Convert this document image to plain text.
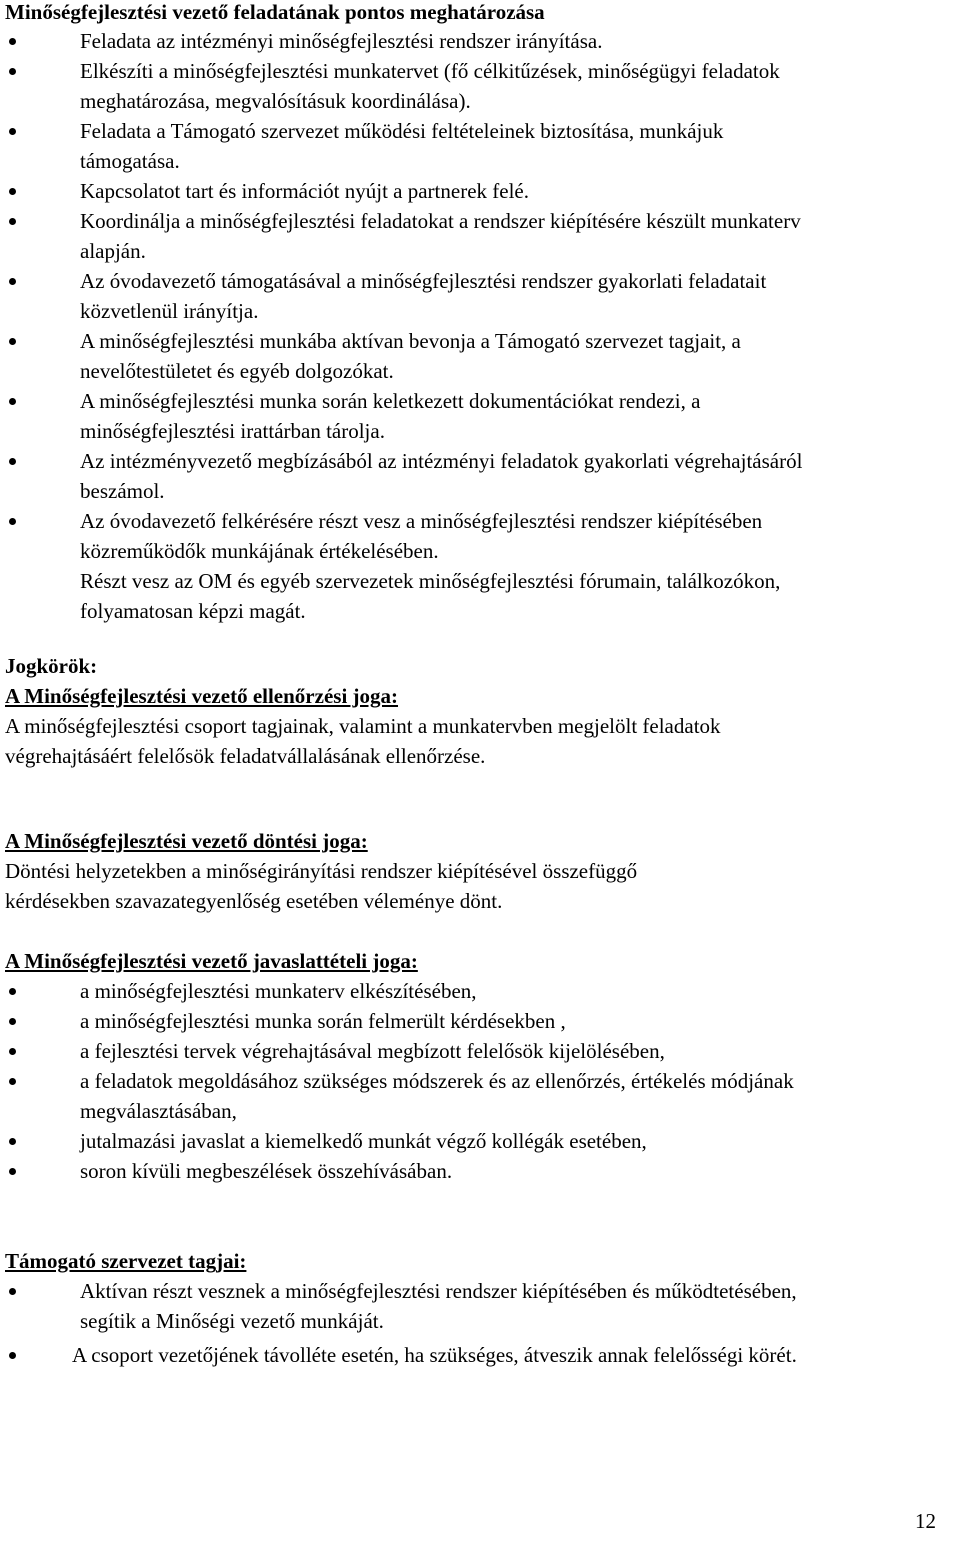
Minőségfejlesztési vezető feladatának pontos meghatározása
Feladata az intézményi minőségfejlesztési rendszer irányítása.
Elkészíti a minőségfejlesztési munkatervet (fő célkitűzések, minőségügyi feladatok
meghatározása, megvalósításuk koordinálása).
Feladata a Támogató szervezet működési feltételeinek biztosítása, munkájuk
támogatása.
Kapcsolatot tart és információt nyújt a partnerek felé.
Koordinálja a minőségfejlesztési feladatokat a rendszer kiépítésére készült munkaterv
alapján.
Az óvodavezető támogatásával a minőségfejlesztési rendszer gyakorlati feladatait
közvetlenül irányítja.
A minőségfejlesztési munkába aktívan bevonja a Támogató szervezet tagjait, a
nevelőtestületet és egyéb dolgozókat.
A minőségfejlesztési munka során keletkezett dokumentációkat rendezi, a
minőségfejlesztési irattárban tárolja.
Az intézményvezető megbízásából az intézményi feladatok gyakorlati végrehajtásáról
beszámol.
Az óvodavezető felkérésére részt vesz a minőségfejlesztési rendszer kiépítésében
közreműködők munkájának értékelésében.
Részt vesz az OM és egyéb szervezetek minőségfejlesztési fórumain, találkozókon,
folyamatosan képzi magát.
Jogkörök:
A Minőségfejlesztési vezető ellenőrzési joga:
A minőségfejlesztési csoport tagjainak, valamint a munkatervben megjelölt feladatok
végrehajtásáért felelősök feladatvállalásának ellenőrzése.
A Minőségfejlesztési vezető döntési joga:
Döntési helyzetekben a minőségirányítási rendszer kiépítésével összefüggő
kérdésekben szavazategyenlőség esetében véleménye dönt.
A Minőségfejlesztési vezető javaslattételi joga:
a minőségfejlesztési munkaterv elkészítésében,
a minőségfejlesztési munka során felmerült kérdésekben ,
a fejlesztési tervek végrehajtásával megbízott felelősök kijelölésében,
a feladatok megoldásához szükséges módszerek és az ellenőrzés, értékelés módjának
megválasztásában,
jutalmazási javaslat a kiemelkedő munkát végző kollégák esetében,
soron kívüli megbeszélések összehívásában.
Támogató szervezet tagjai:
Aktívan részt vesznek a minőségfejlesztési rendszer kiépítésében és működtetésében,
segítik a Minőségi vezető munkáját.
A csoport vezetőjének távolléte esetén, ha szükséges, átveszik annak felelősségi körét.
12
